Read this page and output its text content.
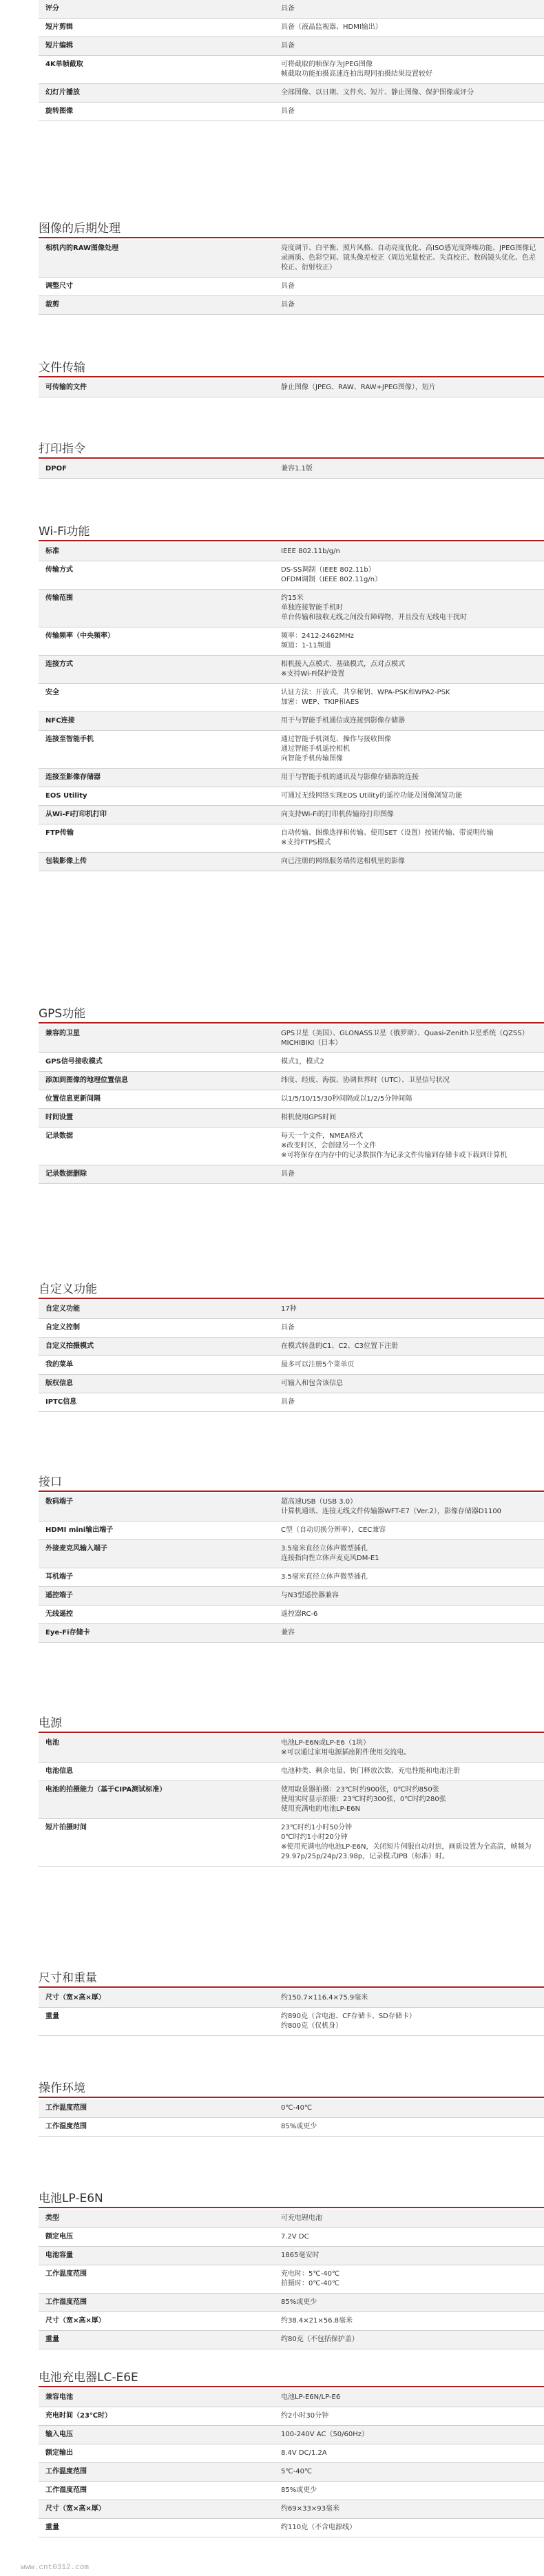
评分	具备
短片剪辑	具备（液晶监视器、HDMI输出）
短片编辑	具备
4K单帧截取	可将截取的帧保存为JPEG图像
帧截取功能拍摄高速连拍出现同拍摄结果设置较好
幻灯片播放	全部图像、以日期、文件夹、短片、静止图像、保护图像或评分
旋转图像	具备
图像的后期处理
相机内的RAW图像处理	亮度调节、白平衡、照片风格、自动亮度优化、高ISO感光度降噪功能、JPEG图像记录画质、色彩空间、镜头像差校正（周边光量校正、失真校正、数码镜头优化、色差校正、衍射校正）
调整尺寸	具备
裁剪	具备
文件传输
可传输的文件	静止图像（JPEG、RAW、RAW+JPEG图像），短片
打印指令
DPOF	兼容1.1版
Wi-Fi功能
标准	IEEE 802.11b/g/n
传输方式	DS-SS调制（IEEE 802.11b）
OFDM调制（IEEE 802.11g/n）
传输范围	约15米
单独连接智能手机时
单台传输和接收无线之间没有障碍物，并且没有无线电干扰时
传输频率（中央频率）	频率：2412-2462MHz
频道：1-11频道
连接方式	相机接入点模式、基础模式，点对点模式
※支持Wi-Fi保护设置
安全	认证方法：开放式、共享秘钥、WPA-PSK和WPA2-PSK
加密：WEP、TKIP和AES
NFC连接	用于与智能手机通信或连接到影像存储器
连接至智能手机	通过智能手机浏览、操作与接收图像
通过智能手机遥控相机
向智能手机传输图像
连接至影像存储器	用于与智能手机的通讯及与影像存储器的连接
EOS Utility	可通过无线网络实现EOS Utility的遥控功能及图像浏览功能
从Wi-Fi打印机打印	向支持Wi-Fi的打印机传输待打印图像
FTP传输	自动传输、图像选择和传输、使用SET（设置）按钮传输、带说明传输
※支持FTPS模式
包装影像上传	向已注册的网络服务端传送相机里的影像
GPS功能
兼容的卫星	GPS卫星（美国）、GLONASS卫星（俄罗斯）、Quasi-Zenith卫星系统（QZSS）MICHIBIKI（日本）
GPS信号接收模式	模式1，模式2
添加到图像的地理位置信息	纬度、经度、海拔、协调世界时（UTC）、卫星信号状况
位置信息更新间隔	以1/5/10/15/30秒间隔或以1/2/5分钟间隔
时间设置	相机使用GPS时间
记录数据	每天一个文件，NMEA格式
※改变时区，会创建另一个文件
※可将保存在内存中的记录数据作为记录文件传输到存储卡或下载到计算机
记录数据删除	具备
自定义功能
自定义功能	17种
自定义控制	具备
自定义拍摄模式	在模式转盘的C1、C2、C3位置下注册
我的菜单	最多可以注册5个菜单页
版权信息	可输入和包含该信息
IPTC信息	具备
接口
数码端子	超高速USB（USB 3.0）
计算机通讯、连接无线文件传输器WFT-E7（Ver.2），影像存储器D1100
HDMI mini输出端子	C型（自动切换分辨率），CEC兼容
外接麦克风输入端子	3.5毫米直径立体声微型插孔
连接指向性立体声麦克风DM-E1
耳机端子	3.5毫米直径立体声微型插孔
遥控端子	与N3型遥控器兼容
无线遥控	遥控器RC-6
Eye-Fi存储卡	兼容
电源
电池	电池LP-E6N或LP-E6（1块）
※可以通过家用电源插座附件使用交流电。
电池信息	电池种类、剩余电量、快门释放次数、充电性能和电池注册
电池的拍摄能力（基于CIPA测试标准）	使用取景器拍摄：23℃时约900张，0℃时约850张
使用实时显示拍摄：23℃时约300张，0℃时约280张
使用充满电的电池LP-E6N
短片拍摄时间	23℃时约1小时50分钟
0℃时约1小时20分钟
※使用充满电的电池LP-E6N，关闭短片伺服自动对焦，画质设置为全高清，帧频为29.97p/25p/24p/23.98p，记录模式IPB（标准）时。
尺寸和重量
尺寸（宽×高×厚）	约150.7×116.4×75.9毫米
重量	约890克（含电池、CF存储卡、SD存储卡）
约800克（仅机身）
操作环境
工作温度范围	0℃-40℃
工作湿度范围	85%或更少
电池LP-E6N
类型	可充电锂电池
额定电压	7.2V DC
电池容量	1865毫安时
工作温度范围	充电时：5℃-40℃
拍摄时：0℃-40℃
工作湿度范围	85%或更少
尺寸（宽×高×厚）	约38.4×21×56.8毫米
重量	约80克（不包括保护盖）
电池充电器LC-E6E
兼容电池	电池LP-E6N/LP-E6
充电时间（23℃时）	约2小时30分钟
输入电压	100-240V AC（50/60Hz）
额定输出	8.4V DC/1.2A
工作温度范围	5℃-40℃
工作湿度范围	85%或更少
尺寸（宽×高×厚）	约69×33×93毫米
重量	约110克（不含电源线）
www.cnt0312.com
